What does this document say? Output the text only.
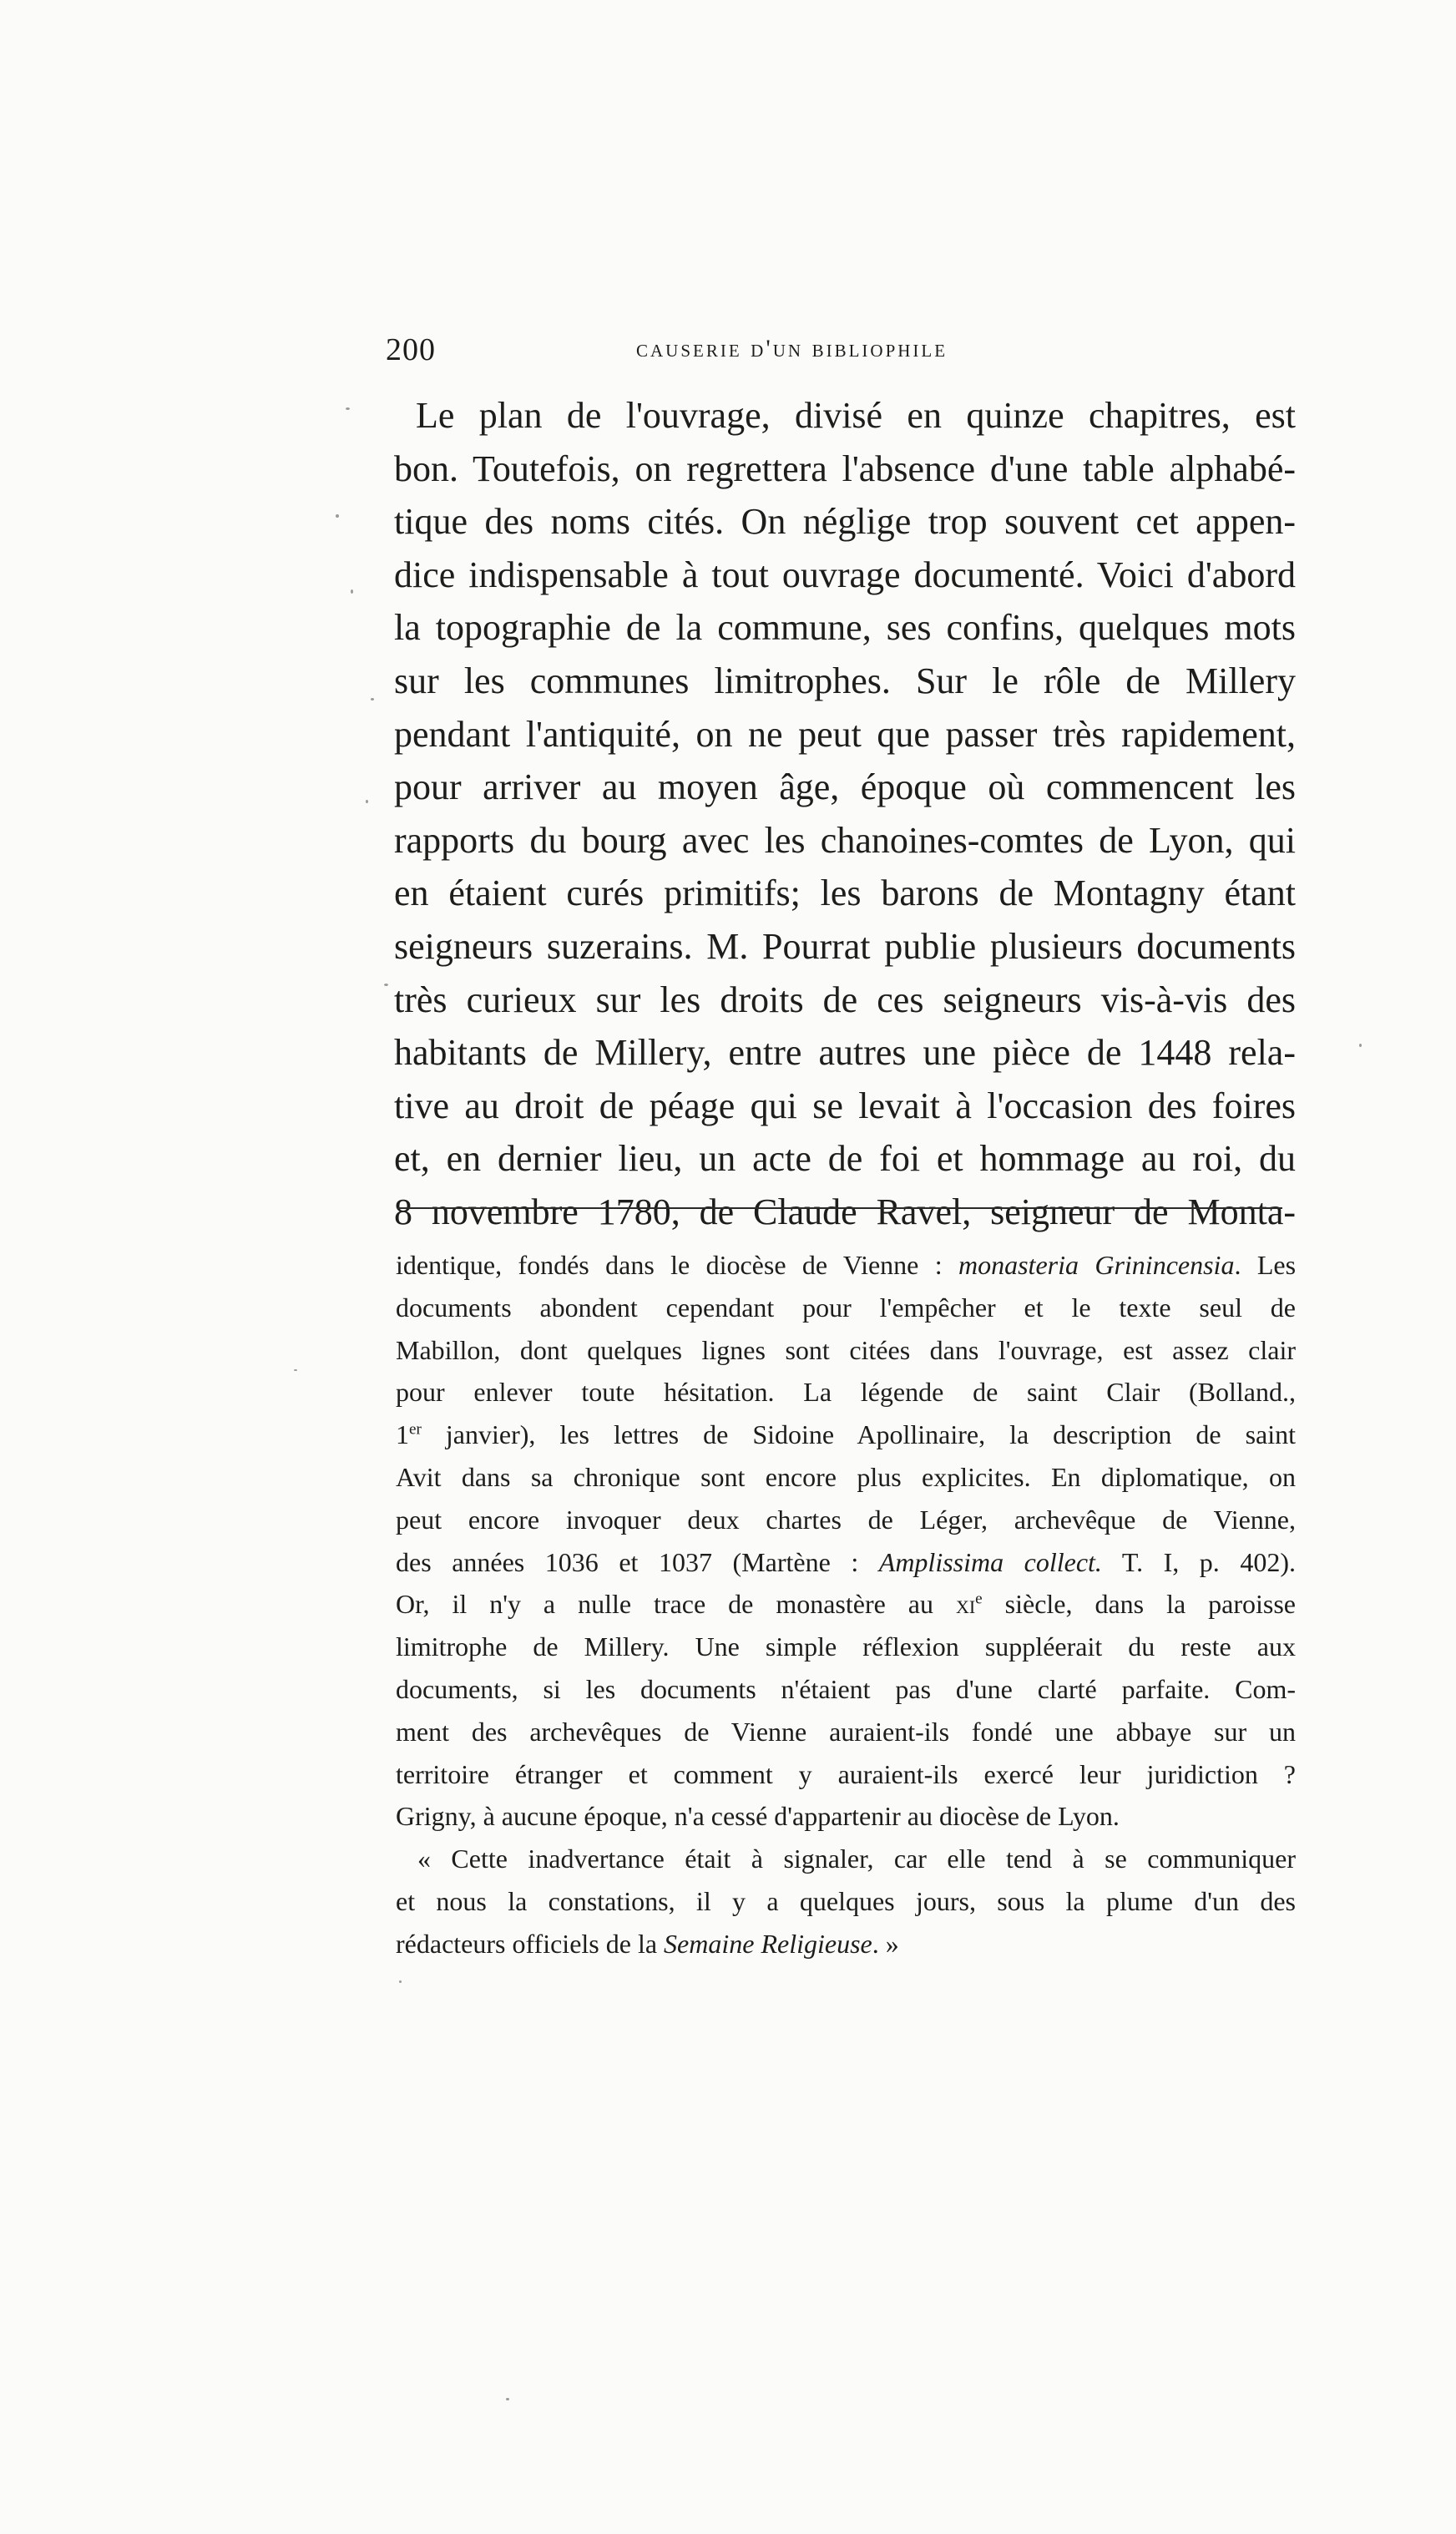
200	causerie d'un bibliophile
Le plan de l'ouvrage, divisé en quinze chapitres, est
bon. Toutefois, on regrettera l'absence d'une table alphabé-
tique des noms cités. On néglige trop souvent cet appen-
dice indispensable à tout ouvrage documenté. Voici d'abord
la topographie de la commune, ses confins, quelques mots
sur les communes limitrophes. Sur le rôle de Millery
pendant l'antiquité, on ne peut que passer très rapidement,
pour arriver au moyen âge, époque où commencent les
rapports du bourg avec les chanoines-comtes de Lyon, qui
en étaient curés primitifs; les barons de Montagny étant
seigneurs suzerains. M. Pourrat publie plusieurs documents
très curieux sur les droits de ces seigneurs vis-à-vis des
habitants de Millery, entre autres une pièce de 1448 rela-
tive au droit de péage qui se levait à l'occasion des foires
et, en dernier lieu, un acte de foi et hommage au roi, du
8 novembre 1780, de Claude Ravel, seigneur de Monta-
identique, fondés dans le diocèse de Vienne : monasteria Grinincensia. Les
documents abondent cependant pour l'empêcher et le texte seul de
Mabillon, dont quelques lignes sont citées dans l'ouvrage, est assez clair
pour enlever toute hésitation. La légende de saint Clair (Bolland.,
1er janvier), les lettres de Sidoine Apollinaire, la description de saint
Avit dans sa chronique sont encore plus explicites. En diplomatique, on
peut encore invoquer deux chartes de Léger, archevêque de Vienne,
des années 1036 et 1037 (Martène : Amplissima collect. T. I, p. 402).
Or, il n'y a nulle trace de monastère au $xi^e$ siècle, dans la paroisse
limitrophe de Millery. Une simple réflexion suppléerait du reste aux
documents, si les documents n'étaient pas d'une clarté parfaite. Com-
ment des archevêques de Vienne auraient-ils fondé une abbaye sur un
territoire étranger et comment y auraient-ils exercé leur juridiction ?
Grigny, à aucune époque, n'a cessé d'appartenir au diocèse de Lyon.
« Cette inadvertance était à signaler, car elle tend à se communiquer
et nous la constations, il y a quelques jours, sous la plume d'un des
rédacteurs officiels de la Semaine Religieuse. »
